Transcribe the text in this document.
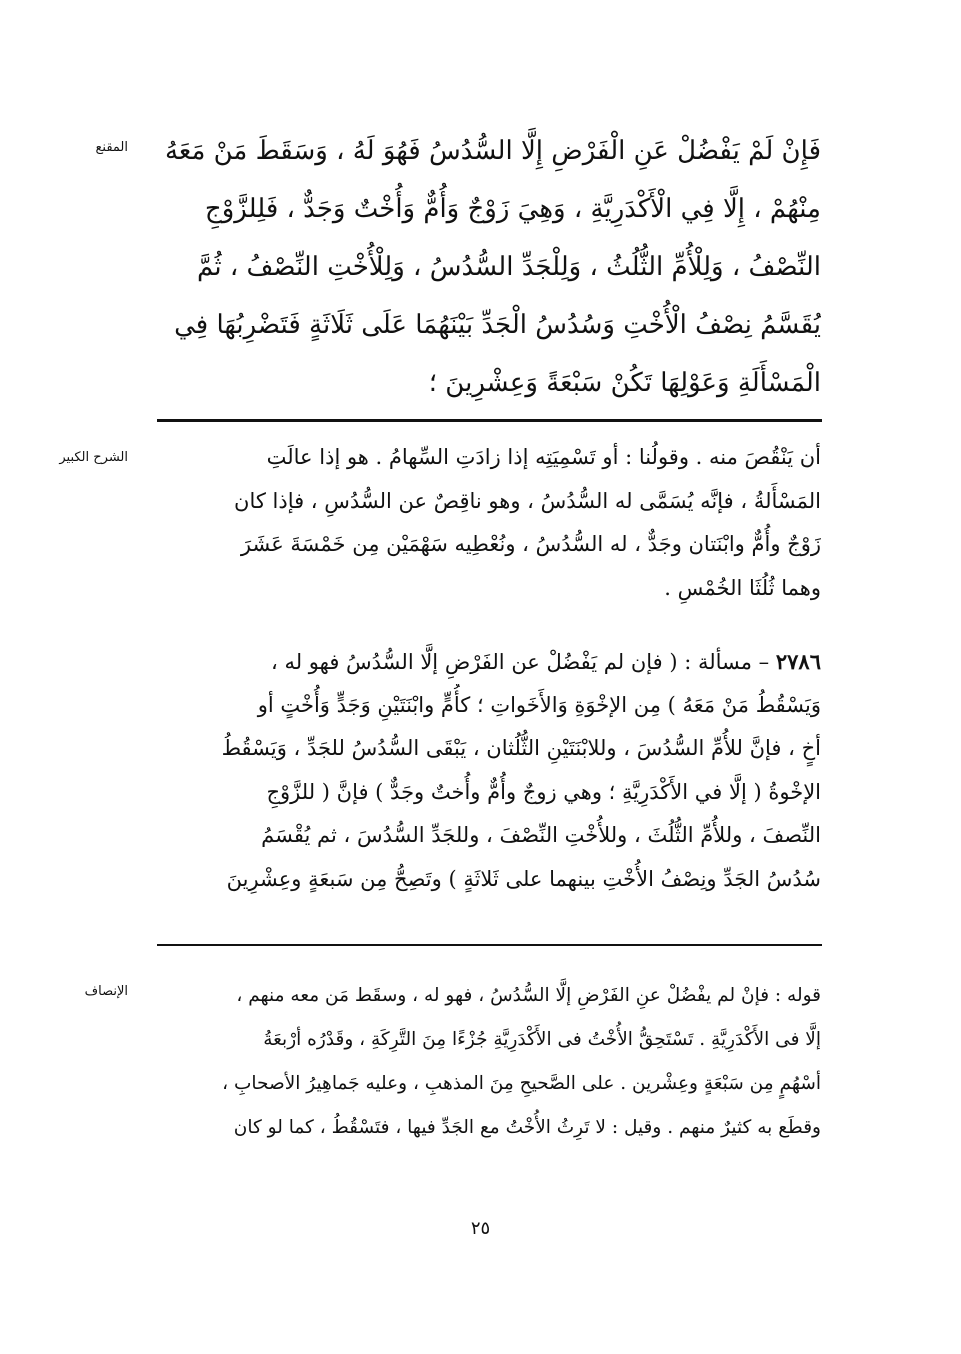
المقنع	فَإِنْ لَمْ يَفْضُلْ عَنِ الْفَرْضِ إِلَّا السُّدُسُ فَهُوَ لَهُ ، وَسَقَطَ مَنْ مَعَهُ
مِنْهُمْ ، إِلَّا فِي الْأَكْدَرِيَّةِ ، وَهِيَ زَوْجٌ وَأُمٌّ وَأُخْتٌ وَجَدٌّ ، فَلِلزَّوْجِ
النِّصْفُ ، وَلِلْأُمِّ الثُّلُثُ ، وَلِلْجَدِّ السُّدُسُ ، وَلِلْأُخْتِ النِّصْفُ ، ثُمَّ
يُقَسَّمُ نِصْفُ الْأُخْتِ وَسُدُسُ الْجَدِّ بَيْنَهُمَا عَلَى ثَلَاثَةٍ فَتَضْرِبُهَا فِي
الْمَسْأَلَةِ وَعَوْلِهَا تَكُنْ سَبْعَةً وَعِشْرِينَ ؛
الشرح الكبير	أن يَنْقُصَ منه . وقولُنا : أو تَسْمِيَتِه إذا زادَتِ السِّهامُ . هو إذا عالَتِ
المَسْأَلةُ ، فإنَّه يُسَمَّى له السُّدُسُ ، وهو ناقِصٌ عن السُّدُسِ ، فإذا كان
زَوْجٌ وأُمٌّ وابْنَتان وجَدٌّ ، له السُّدُسُ ، ونُعْطِيه سَهْمَيْن مِن خَمْسَةَ عَشَرَ
وهما ثُلُثَا الخُمْسِ .
٢٧٨٦ – مسألة : ( فإن لم يَفْضُلْ عن الفَرْضِ إلَّا السُّدُسُ فهو له ،
وَيَسْقُطُ مَنْ مَعَهُ ) مِن الإخْوَةِ وَالأَخَواتِ ؛ كأُمٍّ وابْنَتَيْنِ وَجَدٍّ وَأُخْتٍ أو
أخٍ ، فإنَّ للأُمِّ السُّدُسَ ، وللابْنَتَيْنِ الثُّلُثان ، يَبْقَى السُّدُسُ للجَدِّ ، وَيَسْقُطُ
الإخْوةُ ( إلَّا في الأَكْدَرِيَّةِ ؛ وهي زوجٌ وأُمٌّ وأُختٌ وجَدٌّ ) فإنَّ ( للزَّوْجِ
النِّصفَ ، وللأُمِّ الثُّلُثَ ، وللأُخْتِ النِّصْفَ ، وللجَدِّ السُّدُسَ ، ثم يُقْسَمُ
سُدُسُ الجَدِّ ونِصْفُ الأُخْتِ بينهما على ثَلاثَةٍ ) وتَصِحُّ مِن سَبعَةٍ وعِشْرِينَ
الإنصاف	قوله : فإنْ لم يفْضُلْ عنِ الفَرْضِ إلَّا السُّدُسُ ، فهو له ، وسقَط مَن معه منهم ،
إلَّا فى الأَكْدَرِيَّةِ . تَسْتَحِقُّ الأُخْتُ فى الأَكْدَرِيَّةِ جُزْءًا مِنَ التَّرِكَةِ ، وقَدْرُه أرْبعَةُ
أسْهُمٍ مِن سَبْعَةٍ وعِشْرين . على الصَّحيحِ مِنَ المذهبِ ، وعليه جَماهِيرُ الأصحابِ ،
وقطَع به كثيرٌ منهم . وقيل : لا تَرِثُ الأُخْتُ مع الجَدِّ فيها ، فتَسْقُطُ ، كما لو كان
٢٥
